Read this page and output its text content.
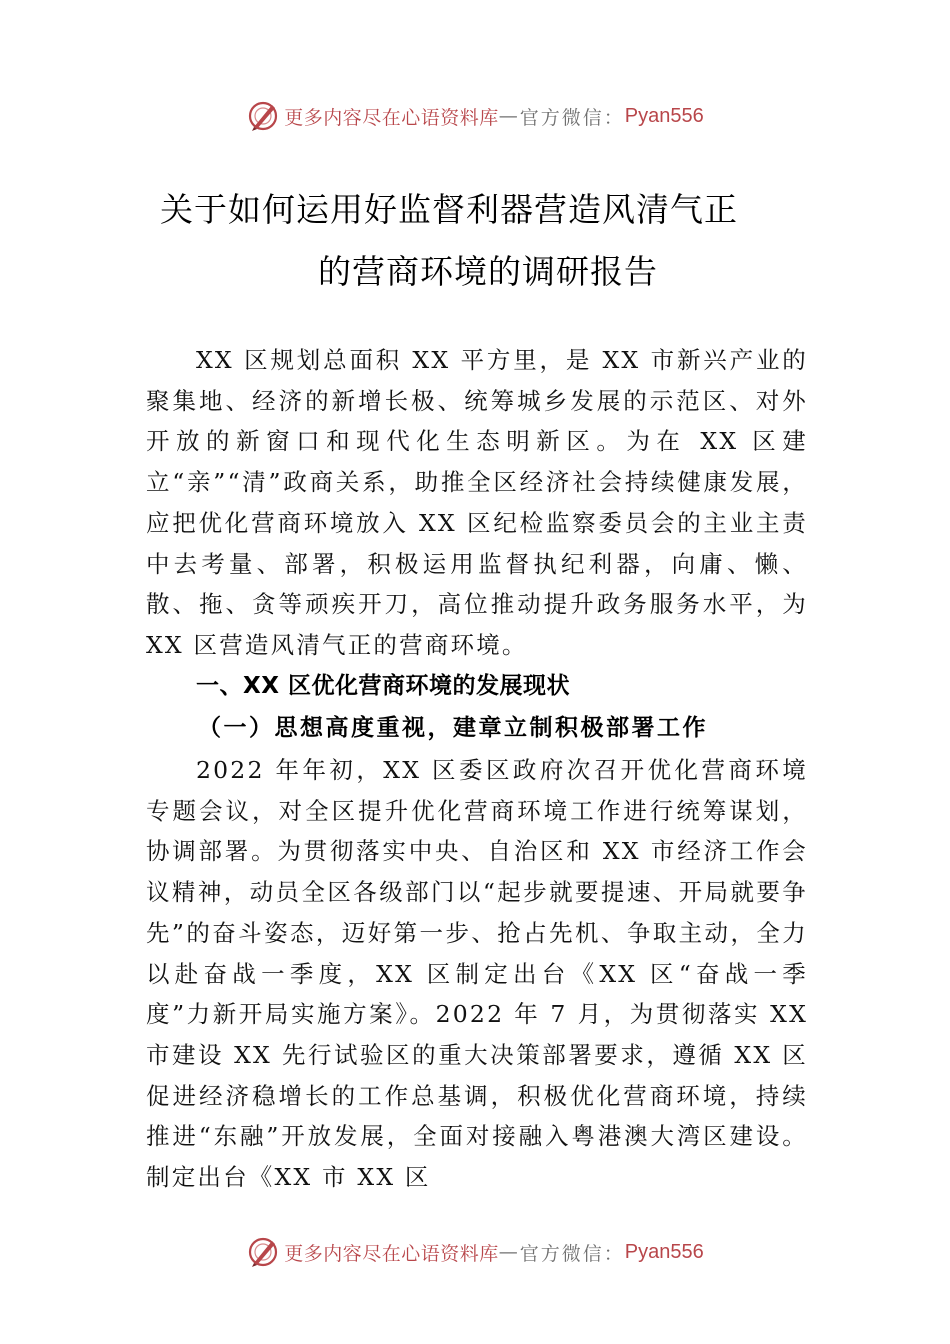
更多内容尽在心语资料库 — 官方微信： Pyan556
关于如何运用好监督利器营造风清气正
的营商环境的调研报告

XX 区规划总面积 XX 平方里，是 XX 市新兴产业的聚集地、经济的新增长极、统筹城乡发展的示范区、对外开放的新窗口和现代化生态明新区。为在 XX 区建立“亲”“清”政商关系，助推全区经济社会持续健康发展，应把优化营商环境放入 XX 区纪检监察委员会的主业主责中去考量、部署，积极运用监督执纪利器，向庸、懒、散、拖、贪等顽疾开刀，高位推动提升政务服务水平，为 XX 区营造风清气正的营商环境。

一、XX 区优化营商环境的发展现状
（一）思想高度重视，建章立制积极部署工作

2022 年年初，XX 区委区政府次召开优化营商环境专题会议，对全区提升优化营商环境工作进行统筹谋划，协调部署。为贯彻落实中央、自治区和 XX 市经济工作会议精神，动员全区各级部门以“起步就要提速、开局就要争先”的奋斗姿态，迈好第一步、抢占先机、争取主动，全力以赴奋战一季度，XX 区制定出台《XX 区“奋战一季度”力新开局实施方案》。2022 年 7 月，为贯彻落实 XX 市建设 XX 先行试验区的重大决策部署要求，遵循 XX 区促进经济稳增长的工作总基调，积极优化营商环境，持续推进“东融”开放发展，全面对接融入粤港澳大湾区建设。制定出台《XX 市 XX 区

更多内容尽在心语资料库 — 官方微信： Pyan556
